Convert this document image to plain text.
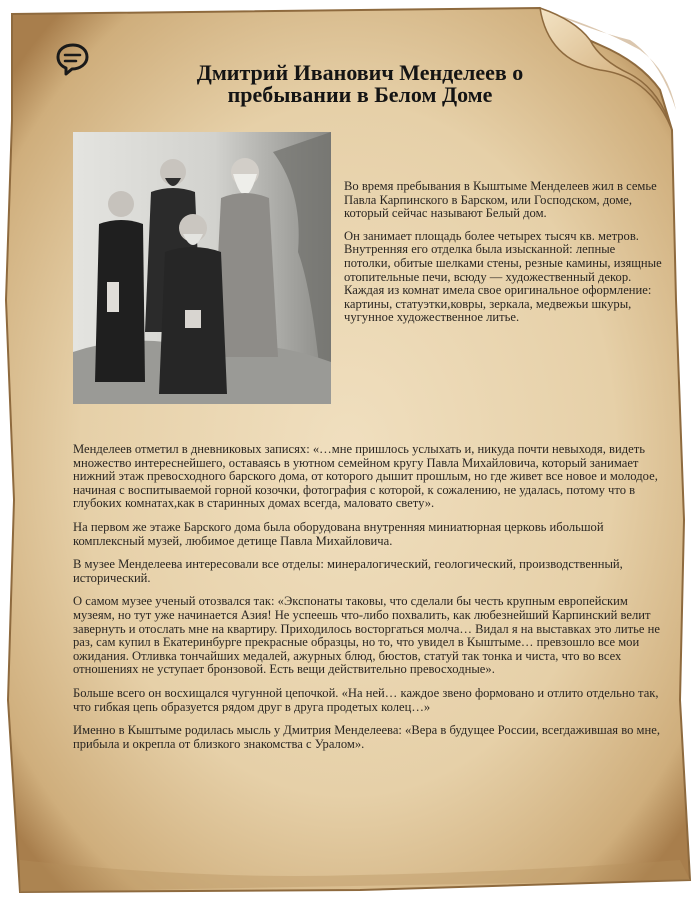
Дмитрий Иванович Менделеев о пребывании в Белом Доме

Во время пребывания в Кыштыме Менделеев жил в семье Павла Карпинского в Барском, или Господском, доме, который сейчас называют Белый дом.

Он занимает площадь более четырех тысяч кв. метров. Внутренняя его отделка была изысканной: лепные потолки, обитые шелками стены, резные камины, изящные отопительные печи, всюду — художественный декор. Каждая из комнат имела свое оригинальное оформление: картины, статуэтки,ковры, зеркала, медвежьи шкуры, чугунное художественное литье.

Менделеев отметил в дневниковых записях: «…мне пришлось услыхать и, никуда почти невыходя, видеть множество интереснейшего, оставаясь в уютном семейном кругу Павла Михайловича, который занимает нижний этаж превосходного барского дома, от которого дышит прошлым, но где живет все новое и молодое, начиная с воспитываемой горной козочки, фотография с которой, к сожалению, не удалась, потому что в глубоких комнатах,как в старинных домах всегда, маловато свету».

На первом же этаже Барского дома была оборудована внутренняя миниатюрная церковь ибольшой комплексный музей, любимое детище Павла Михайловича.

В музее Менделеева интересовали все отделы: минералогический, геологический, производственный, исторический.

О самом музее ученый отозвался так: «Экспонаты таковы, что сделали бы честь крупным европейским музеям, но тут уже начинается Азия! Не успеешь что-либо похвалить, как любезнейший Карпинский велит завернуть и отослать мне на квартиру. Приходилось восторгаться молча… Видал я на выставках это литье не раз, сам купил в Екатеринбурге прекрасные образцы, но то, что увидел в Кыштыме… превзошло все мои ожидания. Отливка тончайших медалей, ажурных блюд, бюстов, статуй так тонка и чиста, что во всех отношениях не уступает бронзовой. Есть вещи действительно превосходные».

Больше всего он восхищался чугунной цепочкой. «На ней… каждое звено формовано и отлито отдельно так, что гибкая цепь образуется рядом друг в друга продетых колец…»

Именно в Кыштыме родилась мысль у Дмитрия Менделеева: «Вера в будущее России, всегдажившая во мне, прибыла и окрепла от близкого знакомства с Уралом».
